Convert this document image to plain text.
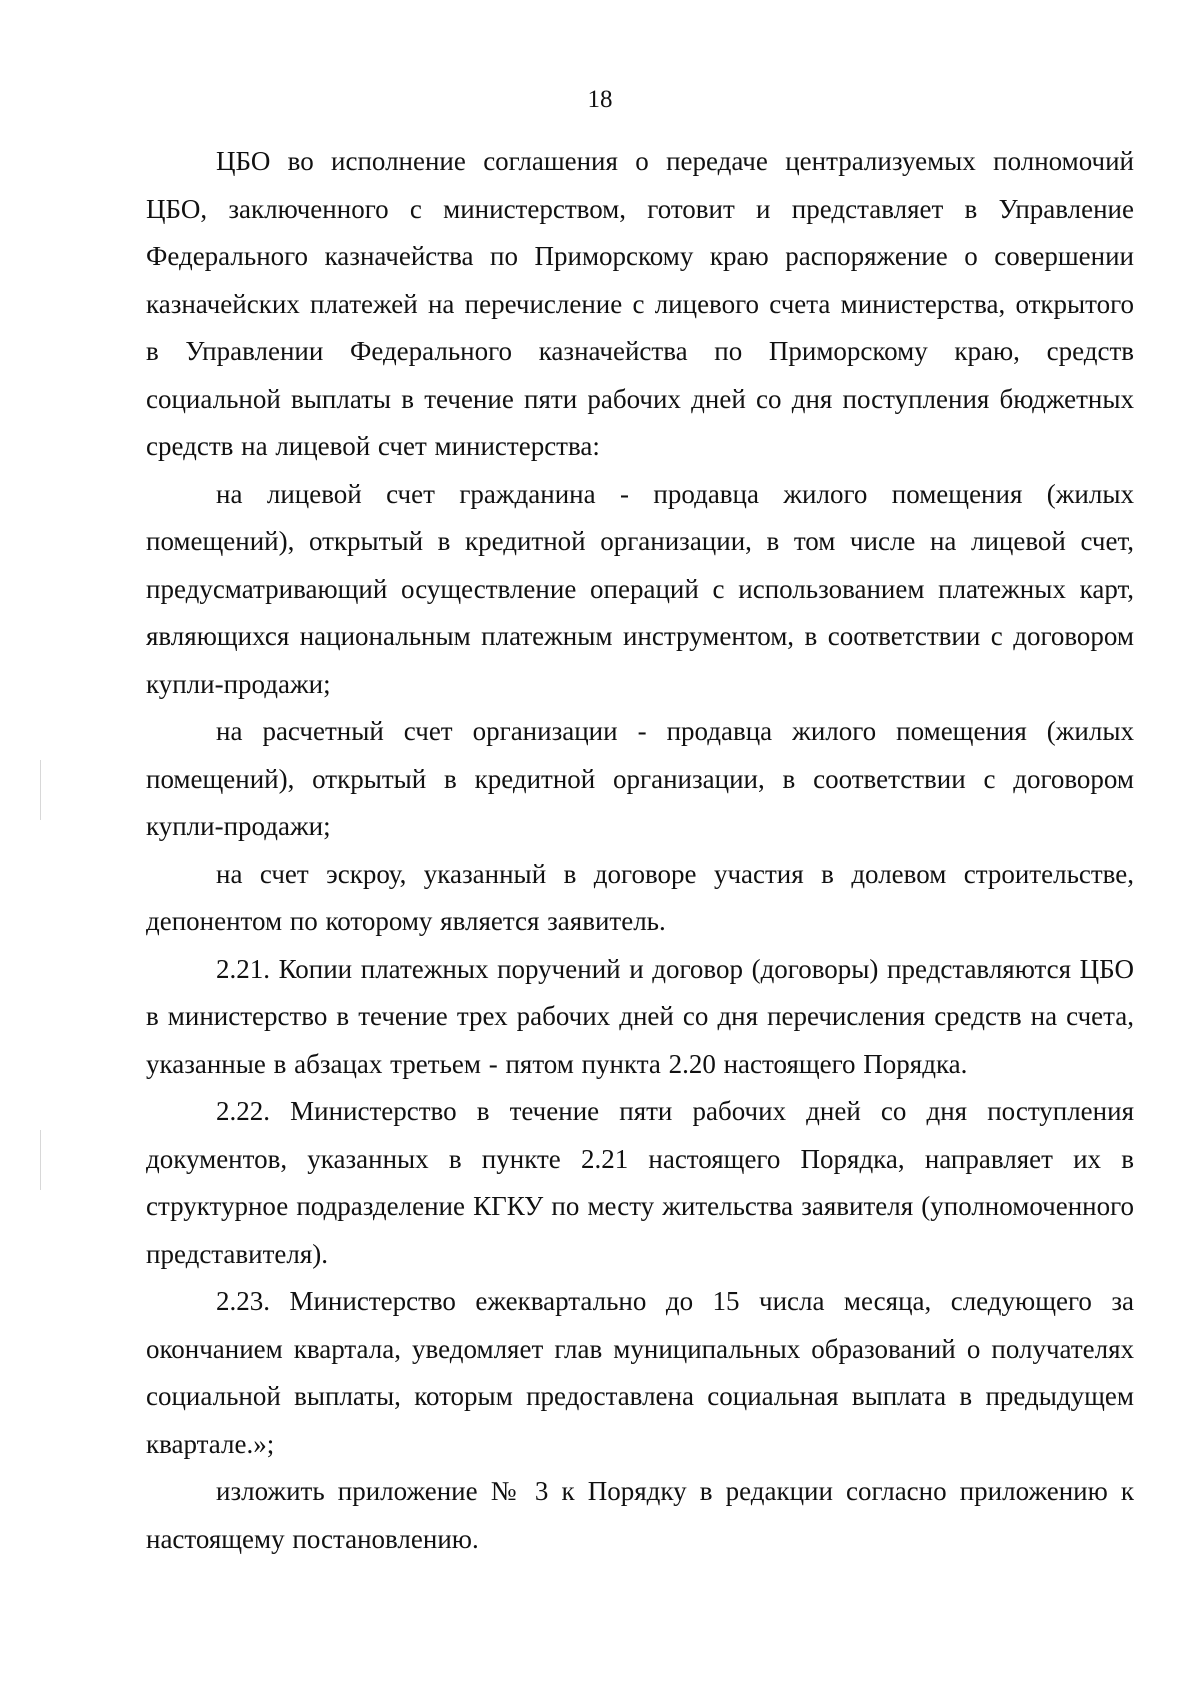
18

ЦБО во исполнение соглашения о передаче централизуемых полномочий ЦБО, заключенного с министерством, готовит и представляет в Управление Федерального казначейства по Приморскому краю распоряжение о совершении казначейских платежей на перечисление с лицевого счета министерства, открытого в Управлении Федерального казначейства по Приморскому краю, средств социальной выплаты в течение пяти рабочих дней со дня поступления бюджетных средств на лицевой счет министерства:

на лицевой счет гражданина - продавца жилого помещения (жилых помещений), открытый в кредитной организации, в том числе на лицевой счет, предусматривающий осуществление операций с использованием платежных карт, являющихся национальным платежным инструментом, в соответствии с договором купли-продажи;

на расчетный счет организации - продавца жилого помещения (жилых помещений), открытый в кредитной организации, в соответствии с договором купли-продажи;

на счет эскроу, указанный в договоре участия в долевом строительстве, депонентом по которому является заявитель.

2.21. Копии платежных поручений и договор (договоры) представляются ЦБО в министерство в течение трех рабочих дней со дня перечисления средств на счета, указанные в абзацах третьем - пятом пункта 2.20 настоящего Порядка.

2.22. Министерство в течение пяти рабочих дней со дня поступления документов, указанных в пункте 2.21 настоящего Порядка, направляет их в структурное подразделение КГКУ по месту жительства заявителя (уполномоченного представителя).

2.23. Министерство ежеквартально до 15 числа месяца, следующего за окончанием квартала, уведомляет глав муниципальных образований о получателях социальной выплаты, которым предоставлена социальная выплата в предыдущем квартале.»;

изложить приложение № 3 к Порядку в редакции согласно приложению к настоящему постановлению.
